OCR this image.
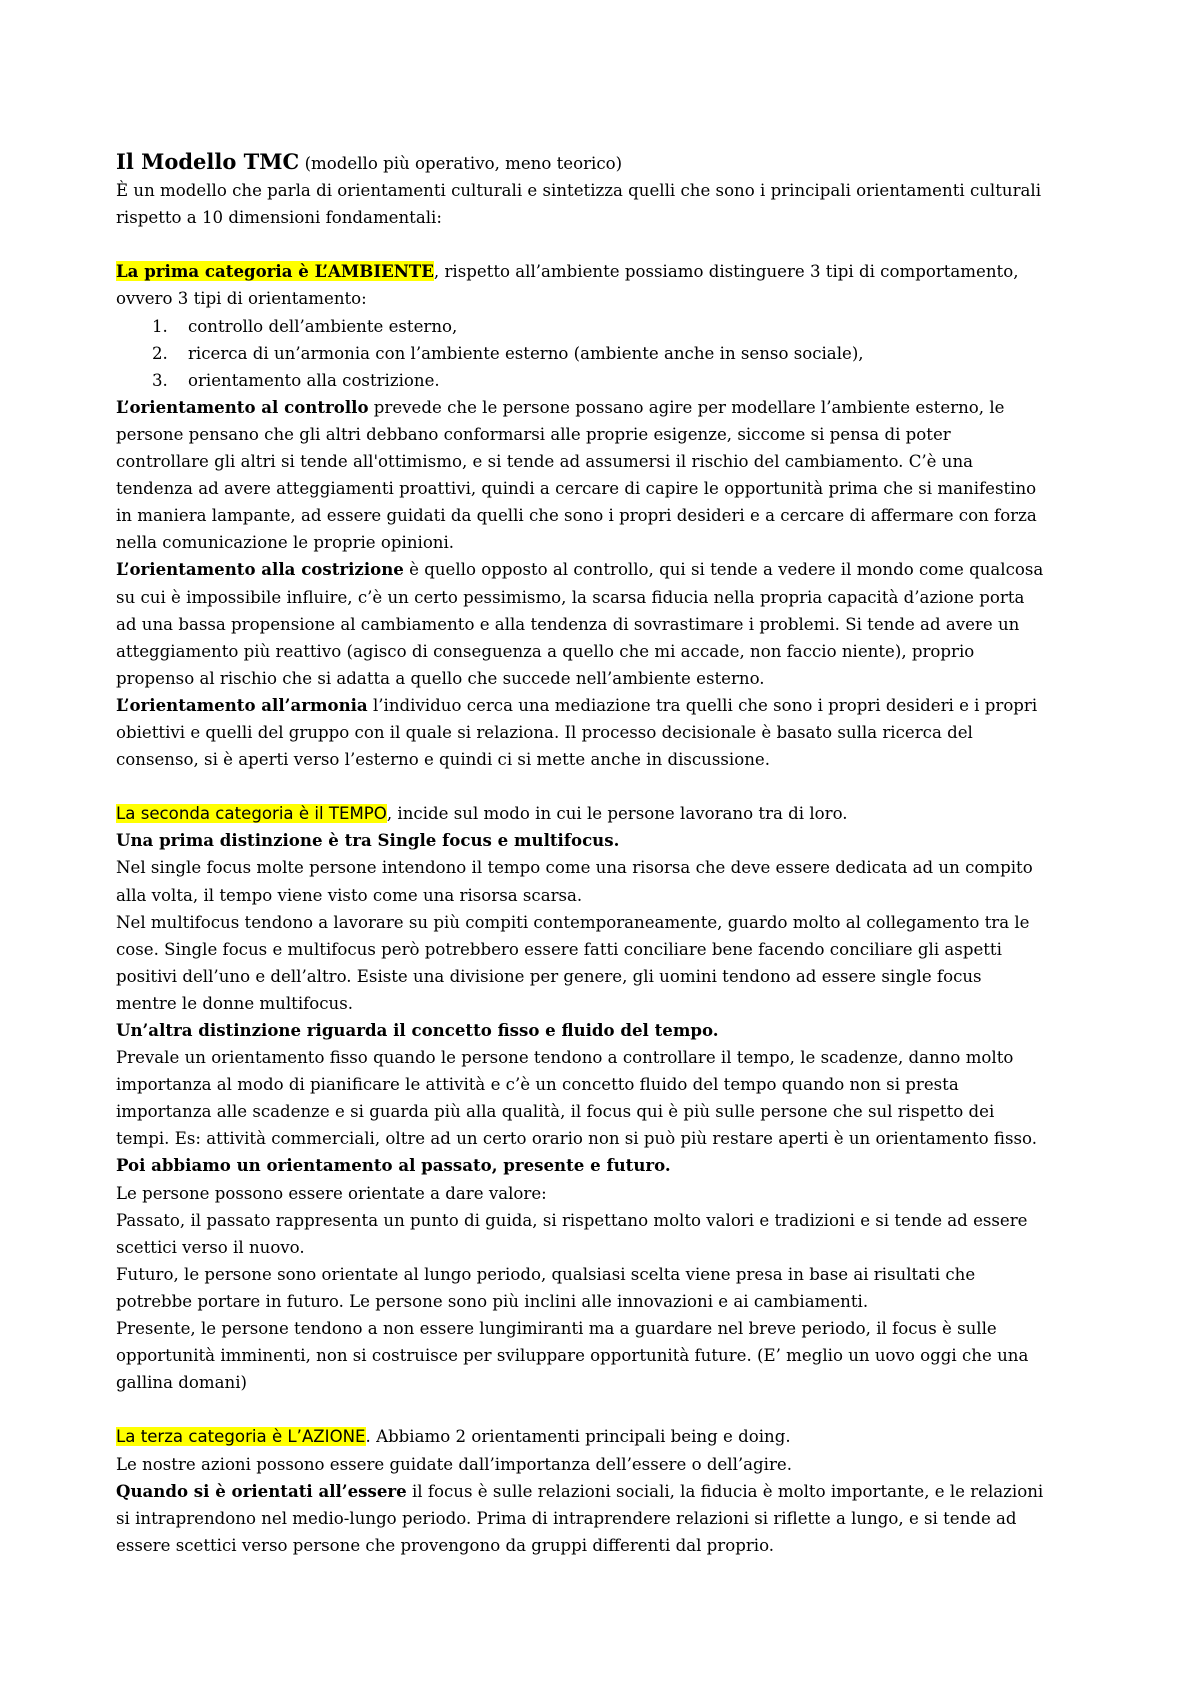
Il Modello TMC (modello più operativo, meno teorico)

È un modello che parla di orientamenti culturali e sintetizza quelli che sono i principali orientamenti culturali

rispetto a 10 dimensioni fondamentali:

La prima categoria è L’AMBIENTE, rispetto all’ambiente possiamo distinguere 3 tipi di comportamento,

ovvero 3 tipi di orientamento:

1. controllo dell’ambiente esterno,
2. ricerca di un’armonia con l’ambiente esterno (ambiente anche in senso sociale),
3. orientamento alla costrizione.

L’orientamento al controllo prevede che le persone possano agire per modellare l’ambiente esterno, le

persone pensano che gli altri debbano conformarsi alle proprie esigenze, siccome si pensa di poter

controllare gli altri si tende all'ottimismo, e si tende ad assumersi il rischio del cambiamento. C’è una

tendenza ad avere atteggiamenti proattivi, quindi a cercare di capire le opportunità prima che si manifestino

in maniera lampante, ad essere guidati da quelli che sono i propri desideri e a cercare di affermare con forza

nella comunicazione le proprie opinioni.

L’orientamento alla costrizione è quello opposto al controllo, qui si tende a vedere il mondo come qualcosa

su cui è impossibile influire, c’è un certo pessimismo, la scarsa fiducia nella propria capacità d’azione porta

ad una bassa propensione al cambiamento e alla tendenza di sovrastimare i problemi. Si tende ad avere un

atteggiamento più reattivo (agisco di conseguenza a quello che mi accade, non faccio niente), proprio

propenso al rischio che si adatta a quello che succede nell’ambiente esterno.

L’orientamento all’armonia l’individuo cerca una mediazione tra quelli che sono i propri desideri e i propri

obiettivi e quelli del gruppo con il quale si relaziona. Il processo decisionale è basato sulla ricerca del

consenso, si è aperti verso l’esterno e quindi ci si mette anche in discussione.

La seconda categoria è il TEMPO, incide sul modo in cui le persone lavorano tra di loro.

Una prima distinzione è tra Single focus e multifocus.

Nel single focus molte persone intendono il tempo come una risorsa che deve essere dedicata ad un compito

alla volta, il tempo viene visto come una risorsa scarsa.

Nel multifocus tendono a lavorare su più compiti contemporaneamente, guardo molto al collegamento tra le

cose. Single focus e multifocus però potrebbero essere fatti conciliare bene facendo conciliare gli aspetti

positivi dell’uno e dell’altro. Esiste una divisione per genere, gli uomini tendono ad essere single focus

mentre le donne multifocus.

Un’altra distinzione riguarda il concetto fisso e fluido del tempo.

Prevale un orientamento fisso quando le persone tendono a controllare il tempo, le scadenze, danno molto

importanza al modo di pianificare le attività e c’è un concetto fluido del tempo quando non si presta

importanza alle scadenze e si guarda più alla qualità, il focus qui è più sulle persone che sul rispetto dei

tempi. Es: attività commerciali, oltre ad un certo orario non si può più restare aperti è un orientamento fisso.

Poi abbiamo un orientamento al passato, presente e futuro.

Le persone possono essere orientate a dare valore:

Passato, il passato rappresenta un punto di guida, si rispettano molto valori e tradizioni e si tende ad essere

scettici verso il nuovo.

Futuro, le persone sono orientate al lungo periodo, qualsiasi scelta viene presa in base ai risultati che

potrebbe portare in futuro. Le persone sono più inclini alle innovazioni e ai cambiamenti.

Presente, le persone tendono a non essere lungimiranti ma a guardare nel breve periodo, il focus è sulle

opportunità imminenti, non si costruisce per sviluppare opportunità future. (E’ meglio un uovo oggi che una

gallina domani)

La terza categoria è L’AZIONE. Abbiamo 2 orientamenti principali being e doing.

Le nostre azioni possono essere guidate dall’importanza dell’essere o dell’agire.

Quando si è orientati all’essere il focus è sulle relazioni sociali, la fiducia è molto importante, e le relazioni

si intraprendono nel medio-lungo periodo. Prima di intraprendere relazioni si riflette a lungo, e si tende ad

essere scettici verso persone che provengono da gruppi differenti dal proprio.
